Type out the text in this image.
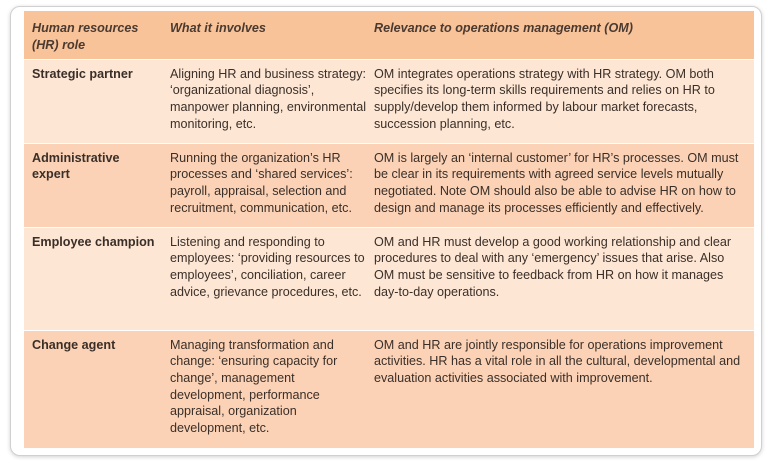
Human resources (HR) role	What it involves	Relevance to operations management (OM)
Strategic partner	Aligning HR and business strategy: ‘organizational diagnosis’, manpower planning, environmental monitoring, etc.	OM integrates operations strategy with HR strategy. OM both specifies its long-term skills requirements and relies on HR to supply/develop them informed by labour market forecasts, succession planning, etc.

Administrative expert	Running the organization’s HR processes and ‘shared services’: payroll, appraisal, selection and recruitment, communication, etc.	OM is largely an ‘internal customer’ for HR’s processes. OM must be clear in its requirements with agreed service levels mutually negotiated. Note OM should also be able to advise HR on how to design and manage its processes efficiently and effectively.
Employee champion	Listening and responding to employees: ‘providing resources to employees’, conciliation, career advice, grievance procedures, etc.	OM and HR must develop a good working relationship and clear procedures to deal with any ‘emergency’ issues that arise. Also OM must be sensitive to feedback from HR on how it manages day-to-day operations.
Change agent	Managing transformation and change: ‘ensuring capacity for change’, management development, performance appraisal, organization development, etc.	OM and HR are jointly responsible for operations improvement activities. HR has a vital role in all the cultural, developmental and evaluation activities associated with improvement.
